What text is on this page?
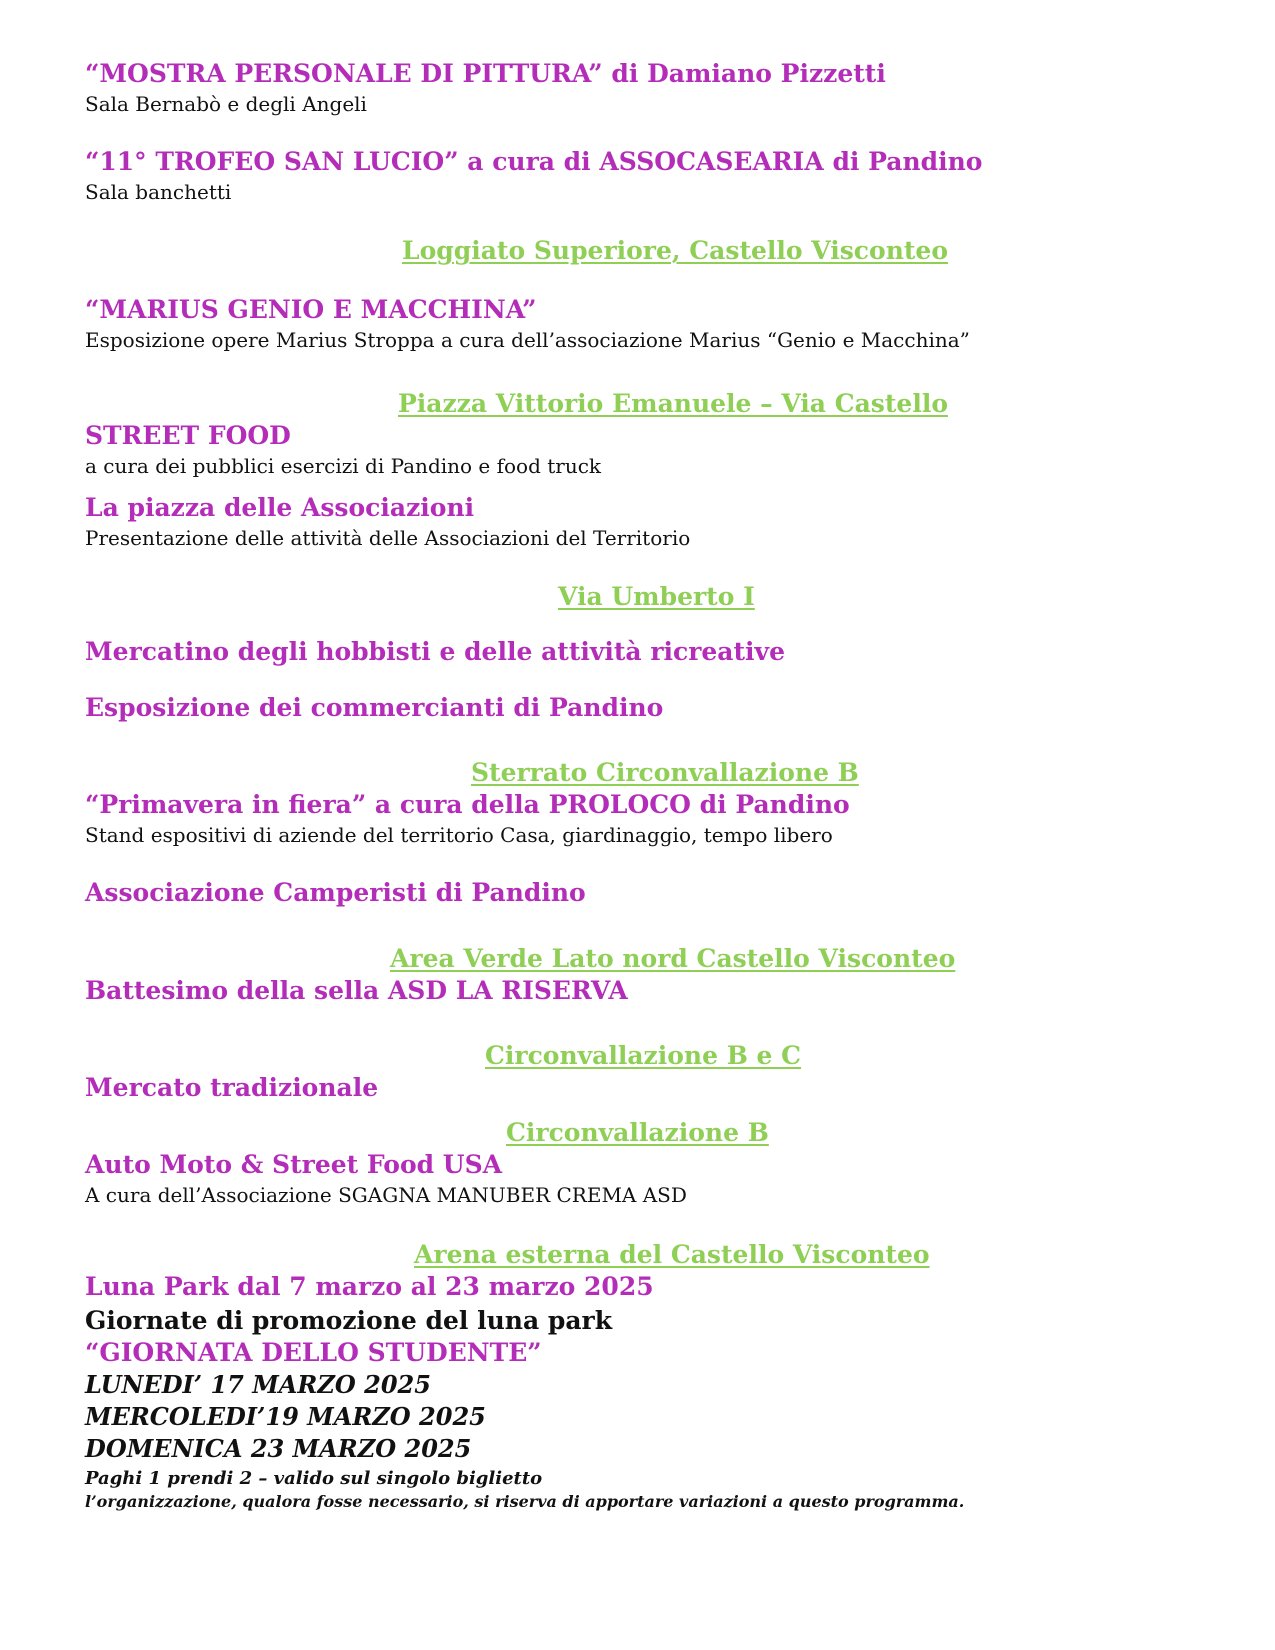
“MOSTRA PERSONALE DI PITTURA” di Damiano Pizzetti

Sala Bernabò e degli Angeli

“11° TROFEO SAN LUCIO” a cura di ASSOCASEARIA di Pandino

Sala banchetti

Loggiato Superiore, Castello Visconteo

“MARIUS GENIO E MACCHINA”

Esposizione opere Marius Stroppa a cura dell’associazione Marius “Genio e Macchina”

Piazza Vittorio Emanuele – Via Castello

STREET FOOD

a cura dei pubblici esercizi di Pandino e food truck

La piazza delle Associazioni

Presentazione delle attività delle Associazioni del Territorio

Via Umberto I

Mercatino degli hobbisti e delle attività ricreative

Esposizione dei commercianti di Pandino

Sterrato Circonvallazione B

“Primavera in fiera” a cura della PROLOCO di Pandino

Stand espositivi di aziende del territorio Casa, giardinaggio, tempo libero

Associazione Camperisti di Pandino

Area Verde Lato nord Castello Visconteo

Battesimo della sella ASD LA RISERVA

Circonvallazione B e C

Mercato tradizionale

Circonvallazione B

Auto Moto & Street Food USA

A cura dell’Associazione SGAGNA MANUBER CREMA ASD

Arena esterna del Castello Visconteo

Luna Park dal 7 marzo al 23 marzo 2025

Giornate di promozione del luna park

“GIORNATA DELLO STUDENTE”

LUNEDI’ 17 MARZO 2025

MERCOLEDI’19 MARZO 2025

DOMENICA 23 MARZO 2025

Paghi 1 prendi 2 – valido sul singolo biglietto

l’organizzazione, qualora fosse necessario, si riserva di apportare variazioni a questo programma.
